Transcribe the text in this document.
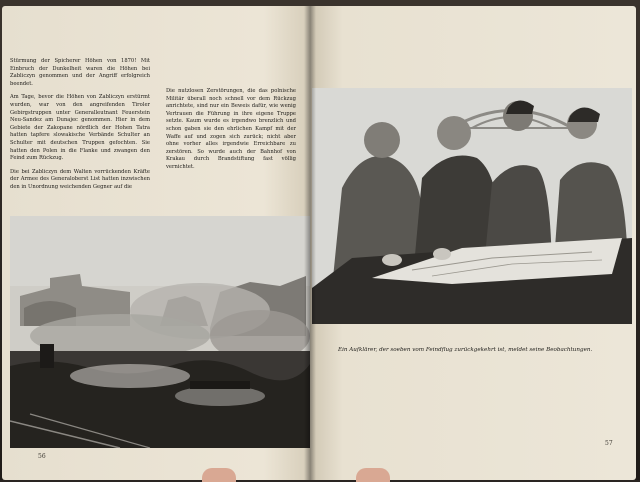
Stürmung der Spicherer Höhen von 1870! Mit Einbruch der Dunkelheit waren die Höhen bei Zabliczyn genommen und der Angriff erfolgreich beendet.

Am Tage, bevor die Höhen von Zabliczyn erstürmt wurden, war von den angreifenden Tiroler Gebirgstruppen unter Generalleutnant Feuerstein Neu-Sandez am Dunajec genommen. Hier in dem Gebiete der Zakopane nördlich der Hohen Tatra hatten tapfere slowakische Verbände Schulter an Schulter mit deutschen Truppen gefochten. Sie hatten den Polen in die Flanke und zwangen den Feind zum Rückzug.

Die bei Zabliczyn dem Walten vorrückenden Kräfte der Armee des Generaloberst List hatten inzwischen den in Unordnung weichenden Gegner auf die

Die nutzlosen Zerstörungen, die das polnische Militär überall noch schnell vor dem Rückzug anrichtete, sind nur ein Beweis dafür, wie wenig Vertrauen die Führung in ihre eigene Truppe setzte. Kaum wurde es irgendwo brenzlich und schon gaben sie den ehrlichen Kampf mit der Waffe auf und zogen sich zurück; nicht aber ohne vorher alles irgendwie Erreichbare zu zerstören. So wurde auch der Bahnhof von Krakau durch Brandstiftung fast völlig vernichtet.

56
Ein Aufklärer, der soeben vom Feindflug zurückgekehrt ist, meldet seine Beobachtungen.
57
